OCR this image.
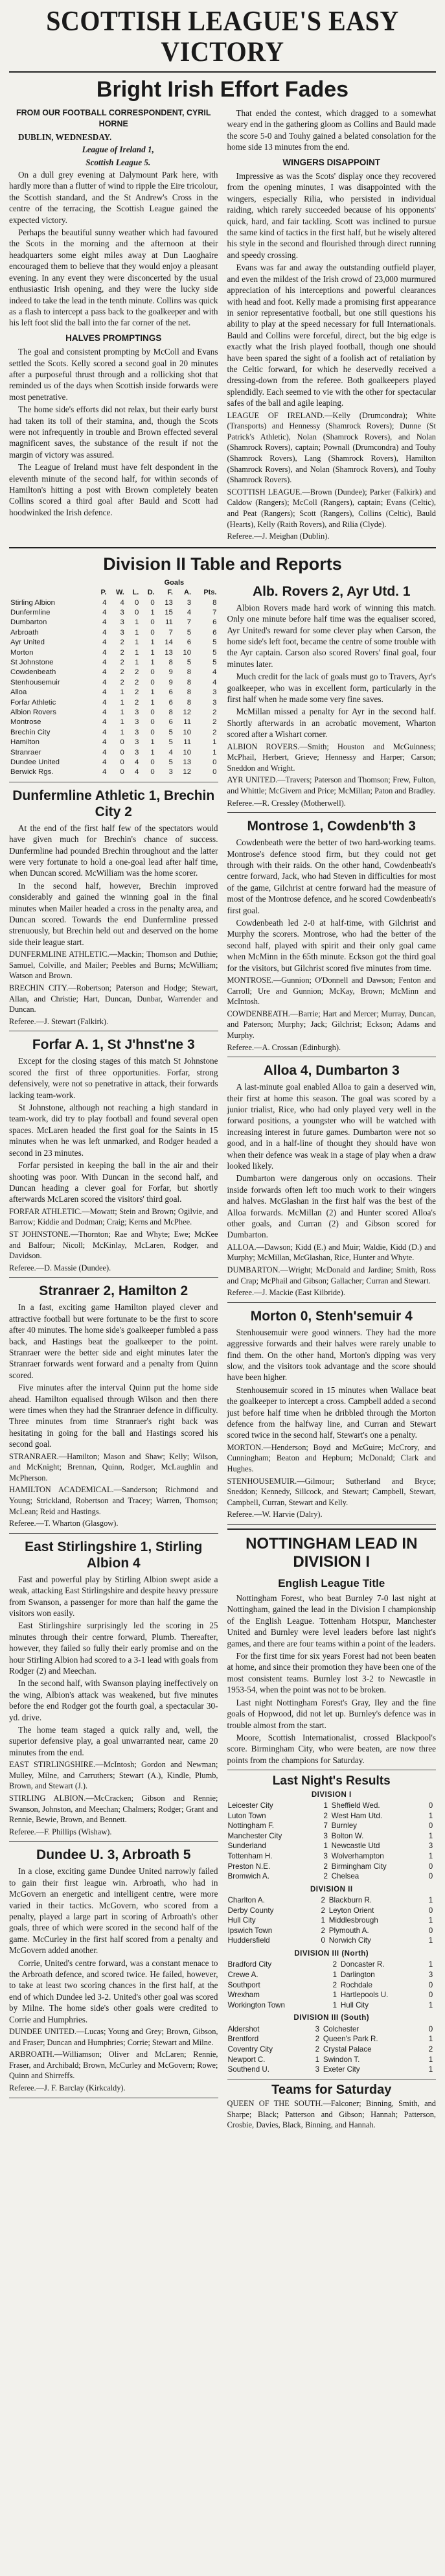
SCOTTISH LEAGUE'S EASY VICTORY
Bright Irish Effort Fades
FROM OUR FOOTBALL CORRESPONDENT, CYRIL HORNE

DUBLIN, WEDNESDAY.

League of Ireland 1,

Scottish League 5.

On a dull grey evening at Dalymount Park here, with hardly more than a flutter of wind to ripple the Eire tricolour, the Scottish standard, and the St Andrew's Cross in the centre of the terracing, the Scottish League gained the expected victory.

Perhaps the beautiful sunny weather which had favoured the Scots in the morning and the afternoon at their headquarters some eight miles away at Dun Laoghaire encouraged them to believe that they would enjoy a pleasant evening. In any event they were disconcerted by the usual enthusiastic Irish opening, and they were the lucky side indeed to take the lead in the tenth minute. Collins was quick as a flash to intercept a pass back to the goalkeeper and with his left foot slid the ball into the far corner of the net.

HALVES PROMPTINGS

The goal and consistent prompting by McColl and Evans settled the Scots. Kelly scored a second goal in 20 minutes after a purposeful thrust through and a rollicking shot that reminded us of the days when Scottish inside forwards were most penetrative.

The home side's efforts did not relax, but their early burst had taken its toll of their stamina, and, though the Scots were not infrequently in trouble and Brown effected several magnificent saves, the substance of the result if not the margin of victory was assured.

The League of Ireland must have felt despondent in the eleventh minute of the second half, for within seconds of Hamilton's hitting a post with Brown completely beaten Collins scored a third goal after Bauld and Scott had hoodwinked the Irish defence.

That ended the contest, which dragged to a somewhat weary end in the gathering gloom as Collins and Bauld made the score 5-0 and Touhy gained a belated consolation for the home side 13 minutes from the end.

WINGERS DISAPPOINT

Impressive as was the Scots' display once they recovered from the opening minutes, I was disappointed with the wingers, especially Rilia, who persisted in individual raiding, which rarely succeeded because of his opponents' quick, hard, and fair tackling. Scott was inclined to pursue the same kind of tactics in the first half, but he wisely altered his style in the second and flourished through direct running and speedy crossing.

Evans was far and away the outstanding outfield player, and even the mildest of the Irish crowd of 23,000 murmured appreciation of his interceptions and powerful clearances with head and foot. Kelly made a promising first appearance in senior representative football, but one still questions his ability to play at the speed necessary for full Internationals. Bauld and Collins were forceful, direct, but the big edge is exactly what the Irish played football, though one should have been spared the sight of a foolish act of retaliation by the Celtic forward, for which he deservedly received a dressing-down from the referee. Both goalkeepers played splendidly. Each seemed to vie with the other for spectacular safes of the ball and agile leaping.

LEAGUE OF IRELAND.—Kelly (Drumcondra); White (Transports) and Hennessy (Shamrock Rovers); Dunne (St Patrick's Athletic), Nolan (Shamrock Rovers), and Nolan (Shamrock Rovers), captain; Pownall (Drumcondra) and Touhy (Shamrock Rovers), Lang (Shamrock Rovers), Hamilton (Shamrock Rovers), and Nolan (Shamrock Rovers), and Touhy (Shamrock Rovers).

SCOTTISH LEAGUE.—Brown (Dundee); Parker (Falkirk) and Caldow (Rangers); McColl (Rangers), captain; Evans (Celtic), and Peat (Rangers); Scott (Rangers), Collins (Celtic), Bauld (Hearts), Kelly (Raith Rovers), and Rilia (Clyde).

Referee.—J. Meighan (Dublin).

Division II Table and Reports
					Goals		
	P.	W.	L.	D.	F.	A.	Pts.
Stirling Albion	4	4	0	0	13	3	8
Dunfermline	4	3	0	1	15	4	7
Dumbarton	4	3	1	0	11	7	6
Arbroath	4	3	1	0	7	5	6
Ayr United	4	2	1	1	14	6	5
Morton	4	2	1	1	13	10	5
St Johnstone	4	2	1	1	8	5	5
Cowdenbeath	4	2	2	0	9	8	4
Stenhousemuir	4	2	2	0	9	8	4
Alloa	4	1	2	1	6	8	3
Forfar Athletic	4	1	2	1	6	8	3
Albion Rovers	4	1	3	0	8	12	2
Montrose	4	1	3	0	6	11	2
Brechin City	4	1	3	0	5	10	2
Hamilton	4	0	3	1	5	11	1
Stranraer	4	0	3	1	4	10	1
Dundee United	4	0	4	0	5	13	0
Berwick Rgs.	4	0	4	0	3	12	0
Dunfermline Athletic 1, Brechin City 2

At the end of the first half few of the spectators would have given much for Brechin's chance of success. Dunfermline had pounded Brechin throughout and the latter were very fortunate to hold a one-goal lead after half time, when Duncan scored. McWilliam was the home scorer.

In the second half, however, Brechin improved considerably and gained the winning goal in the final minutes when Mailer headed a cross in the penalty area, and Duncan scored. Towards the end Dunfermline pressed strenuously, but Brechin held out and deserved on the home side their league start.

DUNFERMLINE ATHLETIC.—Mackin; Thomson and Duthie; Samuel, Colville, and Mailer; Peebles and Burns; McWilliam; Watson and Brown.

BRECHIN CITY.—Robertson; Paterson and Hodge; Stewart, Allan, and Christie; Hart, Duncan, Dunbar, Warrender and Duncan.

Referee.—J. Stewart (Falkirk).

Forfar A. 1, St J'hnst'ne 3

Except for the closing stages of this match St Johnstone scored the first of three opportunities. Forfar, strong defensively, were not so penetrative in attack, their forwards lacking team-work.

St Johnstone, although not reaching a high standard in team-work, did try to play football and found several open spaces. McLaren headed the first goal for the Saints in 15 minutes when he was left unmarked, and Rodger headed a second in 23 minutes.

Forfar persisted in keeping the ball in the air and their shooting was poor. With Duncan in the second half, and Duncan heading a clever goal for Forfar, but shortly afterwards McLaren scored the visitors' third goal.

FORFAR ATHLETIC.—Mowatt; Stein and Brown; Ogilvie, and Barrow; Kiddie and Dodman; Craig; Kerns and McPhee.

ST JOHNSTONE.—Thornton; Rae and Whyte; Ewe; McKee and Balfour; Nicoll; McKinlay, McLaren, Rodger, and Davidson.

Referee.—D. Massie (Dundee).

Stranraer 2, Hamilton 2

In a fast, exciting game Hamilton played clever and attractive football but were fortunate to be the first to score after 40 minutes. The home side's goalkeeper fumbled a pass back, and Hastings beat the goalkeeper to the point. Stranraer were the better side and eight minutes later the Stranraer forwards went forward and a penalty from Quinn scored.

Five minutes after the interval Quinn put the home side ahead. Hamilton equalised through Wilson and then there were times when they had the Stranraer defence in difficulty. Three minutes from time Stranraer's right back was hesitating in going for the ball and Hastings scored his second goal.

STRANRAER.—Hamilton; Mason and Shaw; Kelly; Wilson, and McKnight; Brennan, Quinn, Rodger, McLaughlin and McPherson.

HAMILTON ACADEMICAL.—Sanderson; Richmond and Young; Strickland, Robertson and Tracey; Warren, Thomson; McLean; Reid and Hastings.

Referee.—T. Wharton (Glasgow).

East Stirlingshire 1, Stirling Albion 4

Fast and powerful play by Stirling Albion swept aside a weak, attacking East Stirlingshire and despite heavy pressure from Swanson, a passenger for more than half the game the visitors won easily.

East Stirlingshire surprisingly led the scoring in 25 minutes through their centre forward, Plumb. Thereafter, however, they failed so fully their early promise and on the hour Stirling Albion had scored to a 3-1 lead with goals from Rodger (2) and Meechan.

In the second half, with Swanson playing ineffectively on the wing, Albion's attack was weakened, but five minutes before the end Rodger got the fourth goal, a spectacular 30-yd. drive.

The home team staged a quick rally and, well, the superior defensive play, a goal unwarranted near, came 20 minutes from the end.

EAST STIRLINGSHIRE.—McIntosh; Gordon and Newman; Mulley, Milne, and Carruthers; Stewart (A.), Kindle, Plumb, Brown, and Stewart (J.).

STIRLING ALBION.—McCracken; Gibson and Rennie; Swanson, Johnston, and Meechan; Chalmers; Rodger; Grant and Rennie, Bewie, Brown, and Bennett.

Referee.—F. Phillips (Wishaw).

Dundee U. 3, Arbroath 5

In a close, exciting game Dundee United narrowly failed to gain their first league win. Arbroath, who had in McGovern an energetic and intelligent centre, were more varied in their tactics. McGovern, who scored from a penalty, played a large part in scoring of Arbroath's other goals, three of which were scored in the second half of the game. McCurley in the first half scored from a penalty and McGovern added another.

Corrie, United's centre forward, was a constant menace to the Arbroath defence, and scored twice. He failed, however, to take at least two scoring chances in the first half, at the end of which Dundee led 3-2. United's other goal was scored by Milne. The home side's other goals were credited to Corrie and Humphries.

DUNDEE UNITED.—Lucas; Young and Grey; Brown, Gibson, and Fraser; Duncan and Humphries; Corrie; Stewart and Milne.

ARBROATH.—Williamson; Oliver and McLaren; Rennie, Fraser, and Archibald; Brown, McCurley and McGovern; Rowe; Quinn and Shirreffs.

Referee.—J. F. Barclay (Kirkcaldy).

Alb. Rovers 2, Ayr Utd. 1

Albion Rovers made hard work of winning this match. Only one minute before half time was the equaliser scored, Ayr United's reward for some clever play when Carson, the home side's left foot, became the centre of some trouble with the Ayr captain. Carson also scored Rovers' final goal, four minutes later.

Much credit for the lack of goals must go to Travers, Ayr's goalkeeper, who was in excellent form, particularly in the first half when he made some very fine saves.

McMillan missed a penalty for Ayr in the second half. Shortly afterwards in an acrobatic movement, Wharton scored after a Wishart corner.

ALBION ROVERS.—Smith; Houston and McGuinness; McPhail, Herbert, Grieve; Hennessy and Harper; Carson; Sneddon and Wright.

AYR UNITED.—Travers; Paterson and Thomson; Frew, Fulton, and Whittle; McGivern and Price; McMillan; Paton and Bradley.

Referee.—R. Cressley (Motherwell).

Montrose 1, Cowdenb'th 3

Cowdenbeath were the better of two hard-working teams. Montrose's defence stood firm, but they could not get through with their raids. On the other hand, Cowdenbeath's centre forward, Jack, who had Steven in difficulties for most of the game, Gilchrist at centre forward had the measure of most of the Montrose defence, and he scored Cowdenbeath's first goal.

Cowdenbeath led 2-0 at half-time, with Gilchrist and Murphy the scorers. Montrose, who had the better of the second half, played with spirit and their only goal came when McMinn in the 65th minute. Eckson got the third goal for the visitors, but Gilchrist scored five minutes from time.

MONTROSE.—Gunnion; O'Donnell and Dawson; Fenton and Carroll; Ure and Gunnion; McKay, Brown; McMinn and McIntosh.

COWDENBEATH.—Barrie; Hart and Mercer; Murray, Duncan, and Paterson; Murphy; Jack; Gilchrist; Eckson; Adams and Murphy.

Referee.—A. Crossan (Edinburgh).

Alloa 4, Dumbarton 3

A last-minute goal enabled Alloa to gain a deserved win, their first at home this season. The goal was scored by a junior trialist, Rice, who had only played very well in the forward positions, a youngster who will be watched with increasing interest in future games. Dumbarton were not so good, and in a half-line of thought they should have won when their defence was weak in a stage of play when a draw looked likely.

Dumbarton were dangerous only on occasions. Their inside forwards often left too much work to their wingers and halves. McGlashan in the first half was the best of the Alloa forwards. McMillan (2) and Hunter scored Alloa's other goals, and Curran (2) and Gibson scored for Dumbarton.

ALLOA.—Dawson; Kidd (E.) and Muir; Waldie, Kidd (D.) and Murphy; McMillan, McGlashan, Rice, Hunter and Whyte.

DUMBARTON.—Wright; McDonald and Jardine; Smith, Ross and Crap; McPhail and Gibson; Gallacher; Curran and Stewart.

Referee.—J. Mackie (East Kilbride).

Morton 0, Stenh'semuir 4

Stenhousemuir were good winners. They had the more aggressive forwards and their halves were rarely unable to find them. On the other hand, Morton's dipping was very slow, and the visitors took advantage and the score should have been higher.

Stenhousemuir scored in 15 minutes when Wallace beat the goalkeeper to intercept a cross. Campbell added a second just before half time when he dribbled through the Morton defence from the halfway line, and Curran and Stewart scored twice in the second half, Stewart's one a penalty.

MORTON.—Henderson; Boyd and McGuire; McCrory, and Cunningham; Beaton and Hepburn; McDonald; Clark and Hughes.

STENHOUSEMUIR.—Gilmour; Sutherland and Bryce; Sneddon; Kennedy, Sillcock, and Stewart; Campbell, Stewart, Campbell, Curran, Stewart and Kelly.

Referee.—W. Harvie (Dalry).

NOTTINGHAM LEAD IN DIVISION I
English League Title

Nottingham Forest, who beat Burnley 7-0 last night at Nottingham, gained the lead in the Division I championship of the English League. Tottenham Hotspur, Manchester United and Burnley were level leaders before last night's games, and there are four teams within a point of the leaders.

For the first time for six years Forest had not been beaten at home, and since their promotion they have been one of the most consistent teams. Burnley lost 3-2 to Newcastle in 1953-54, when the point was not to be broken.

Last night Nottingham Forest's Gray, Iley and the fine goals of Hopwood, did not let up. Burnley's defence was in trouble almost from the start.

Moore, Scottish Internationalist, crossed Blackpool's score. Birmingham City, who were beaten, are now three points from the champions for Saturday.

Last Night's Results
DIVISION I
Leicester City	1	Sheffield Wed.	0
Luton Town	2	West Ham Utd.	1
Nottingham F.	7	Burnley	0
Manchester City	3	Bolton W.	1
Sunderland	1	Newcastle Utd	3
Tottenham H.	3	Wolverhampton	1
Preston N.E.	2	Birmingham City	0
Bromwich A.	2	Chelsea	0
DIVISION II
Charlton A.	2	Blackburn R.	1
Derby County	2	Leyton Orient	0
Hull City	1	Middlesbrough	1
Ipswich Town	2	Plymouth A.	0
Huddersfield	0	Norwich City	1
DIVISION III (North)
Bradford City	2	Doncaster R.	1
Crewe A.	1	Darlington	3
Southport	2	Rochdale	0
Wrexham	1	Hartlepools U.	0
Workington Town	1	Hull City	1
DIVISION III (South)
Aldershot	3	Colchester	0
Brentford	2	Queen's Park R.	1
Coventry City	2	Crystal Palace	2
Newport C.	1	Swindon T.	1
Southend U.	3	Exeter City	1
Teams for Saturday

QUEEN OF THE SOUTH.—Falconer; Binning, Smith, and Sharpe; Black; Patterson and Gibson; Hannah; Patterson, Crosbie, Davies, Black, Binning, and Hannah.
